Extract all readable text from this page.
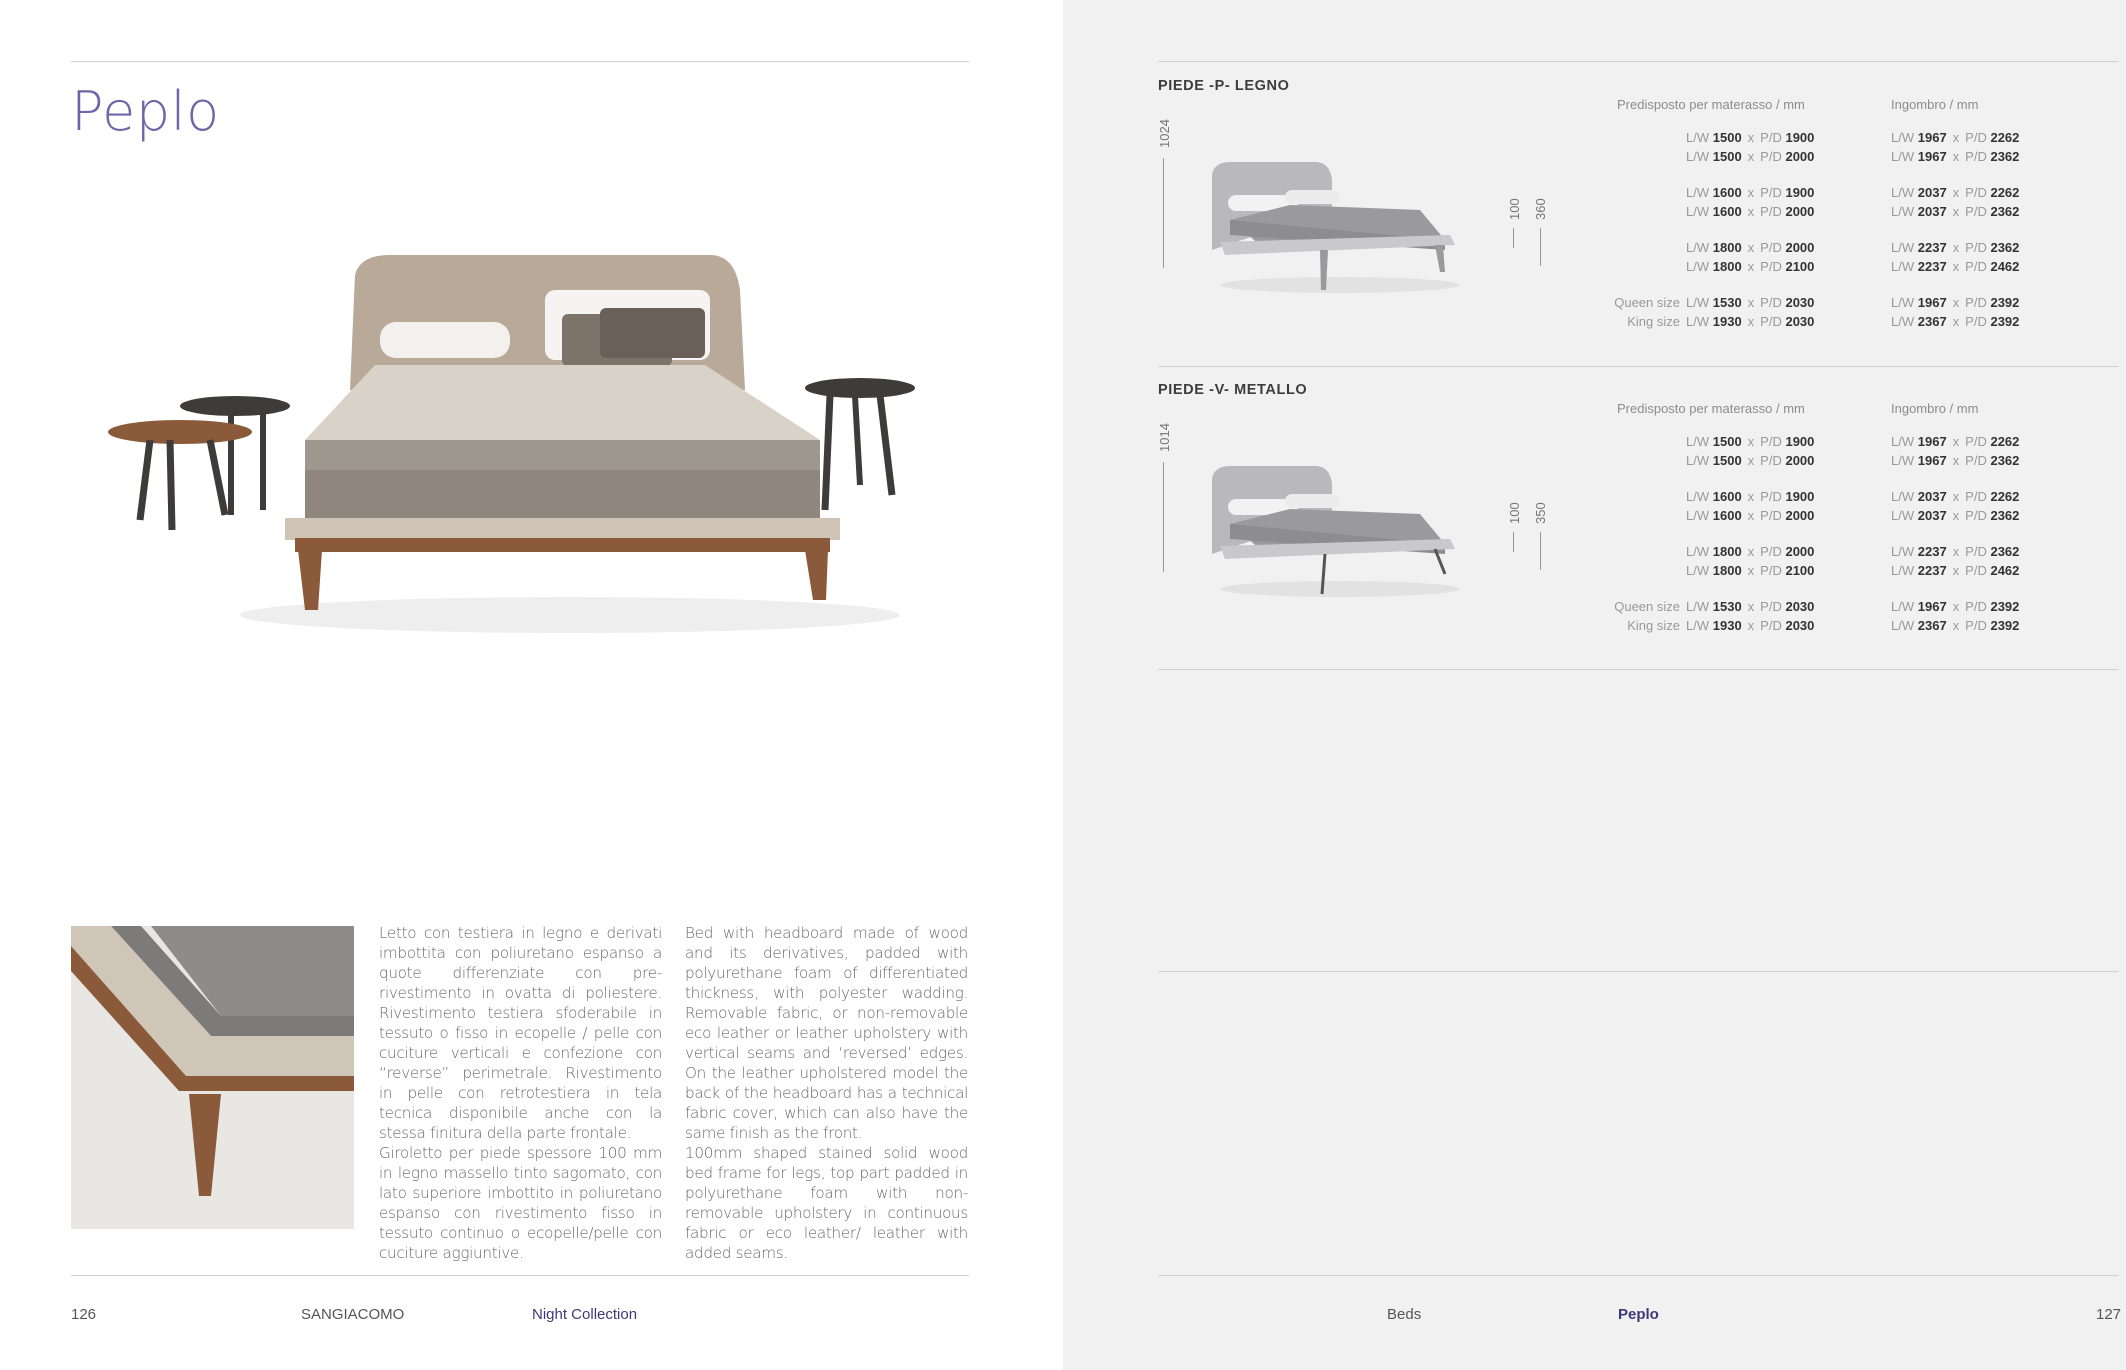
Peplo

Letto con testiera in legno e derivati imbottita con poliuretano espanso a quote differenziate con pre-rivestimento in ovatta di poliestere. Rivestimento testiera sfoderabile in tessuto o fisso in ecopelle / pelle con cuciture verticali e confezione con “reverse” perimetrale. Rivestimento in pelle con retrotestiera in tela tecnica disponibile anche con la stessa finitura della parte frontale.

Giroletto per piede spessore 100 mm in legno massello tinto sagomato, con lato superiore imbottito in poliuretano espanso con rivestimento fisso in tessuto continuo o ecopelle/pelle con cuciture aggiuntive.

Bed with headboard made of wood and its derivatives, padded with polyurethane foam of differentiated thickness, with polyester wadding. Removable fabric, or non-removable eco leather or leather upholstery with vertical seams and ‘reversed’ edges. On the leather upholstered model the back of the headboard has a technical fabric cover, which can also have the same finish as the front.

100mm shaped stained solid wood bed frame for legs, top part padded in polyurethane foam with non-removable upholstery in continuous fabric or eco leather/ leather with added seams.

126	SANGIACOMO	Night Collection	Beds	Peplo	127
PIEDE -P- LEGNO
1024
100 360
Predisposto per materasso / mm	Ingombro / mm
L/W 1500 x P/D 1900	L/W 1967 x P/D 2262
L/W 1500 x P/D 2000	L/W 1967 x P/D 2362
L/W 1600 x P/D 1900	L/W 2037 x P/D 2262
L/W 1600 x P/D 2000	L/W 2037 x P/D 2362
L/W 1800 x P/D 2000	L/W 2237 x P/D 2362
L/W 1800 x P/D 2100	L/W 2237 x P/D 2462
Queen size L/W 1530 x P/D 2030	L/W 1967 x P/D 2392
King size L/W 1930 x P/D 2030	L/W 2367 x P/D 2392
PIEDE -V- METALLO
1014
100 350
Predisposto per materasso / mm	Ingombro / mm
L/W 1500 x P/D 1900	L/W 1967 x P/D 2262
L/W 1500 x P/D 2000	L/W 1967 x P/D 2362
L/W 1600 x P/D 1900	L/W 2037 x P/D 2262
L/W 1600 x P/D 2000	L/W 2037 x P/D 2362
L/W 1800 x P/D 2000	L/W 2237 x P/D 2362
L/W 1800 x P/D 2100	L/W 2237 x P/D 2462
Queen size L/W 1530 x P/D 2030	L/W 1967 x P/D 2392
King size L/W 1930 x P/D 2030	L/W 2367 x P/D 2392
